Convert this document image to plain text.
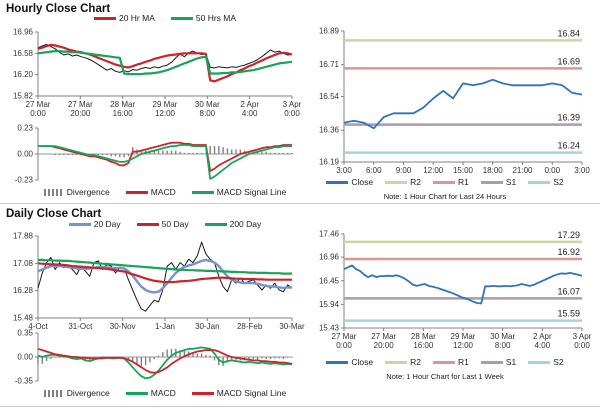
Hourly Close Chart
20 Hr MA	50 Hrs MA
16.96
16.58
16.20
15.82
27 Mar 0:00
27 Mar 20:00
28 Mar 16:00
29 Mar 12:00
30 Mar 8:00
2 Apr 4:00
3 Apr 0:00
0.23
0.00
-0.23
Divergence	MACD	MACD Signal Line
16.89
16.71
16.54
16.36
16.19
3:00 6:00 9:00 12:00 15:00 18:00 21:00 0:00 3:00
16.84
16.69
16.39
16.24
Close	R2	R1	S1	S2
Note: 1 Hour Chart for Last 24 Hours
Daily Close Chart
20 Day	50 Day	200 Day
17.88
17.08
16.28
15.48
4-Oct	31-Oct 30-Nov 1-Jan	30-Jan 28-Feb 30-Mar
0.35
0.00
-0.35
Divergence	MACD	MACD Signal Line
17.46
16.96
16.45
15.94
15.43
27 Mar 0:00
27 Mar 20:00
28 Mar 16:00
29 Mar 12:00
30 Mar 8:00
2 Apr 4:00
3 Apr 0:00
17.29
16.92
16.07
15.59
Close	R2	R1	S1	S2
Note: 1 Hour Chart for Last 1 Week
